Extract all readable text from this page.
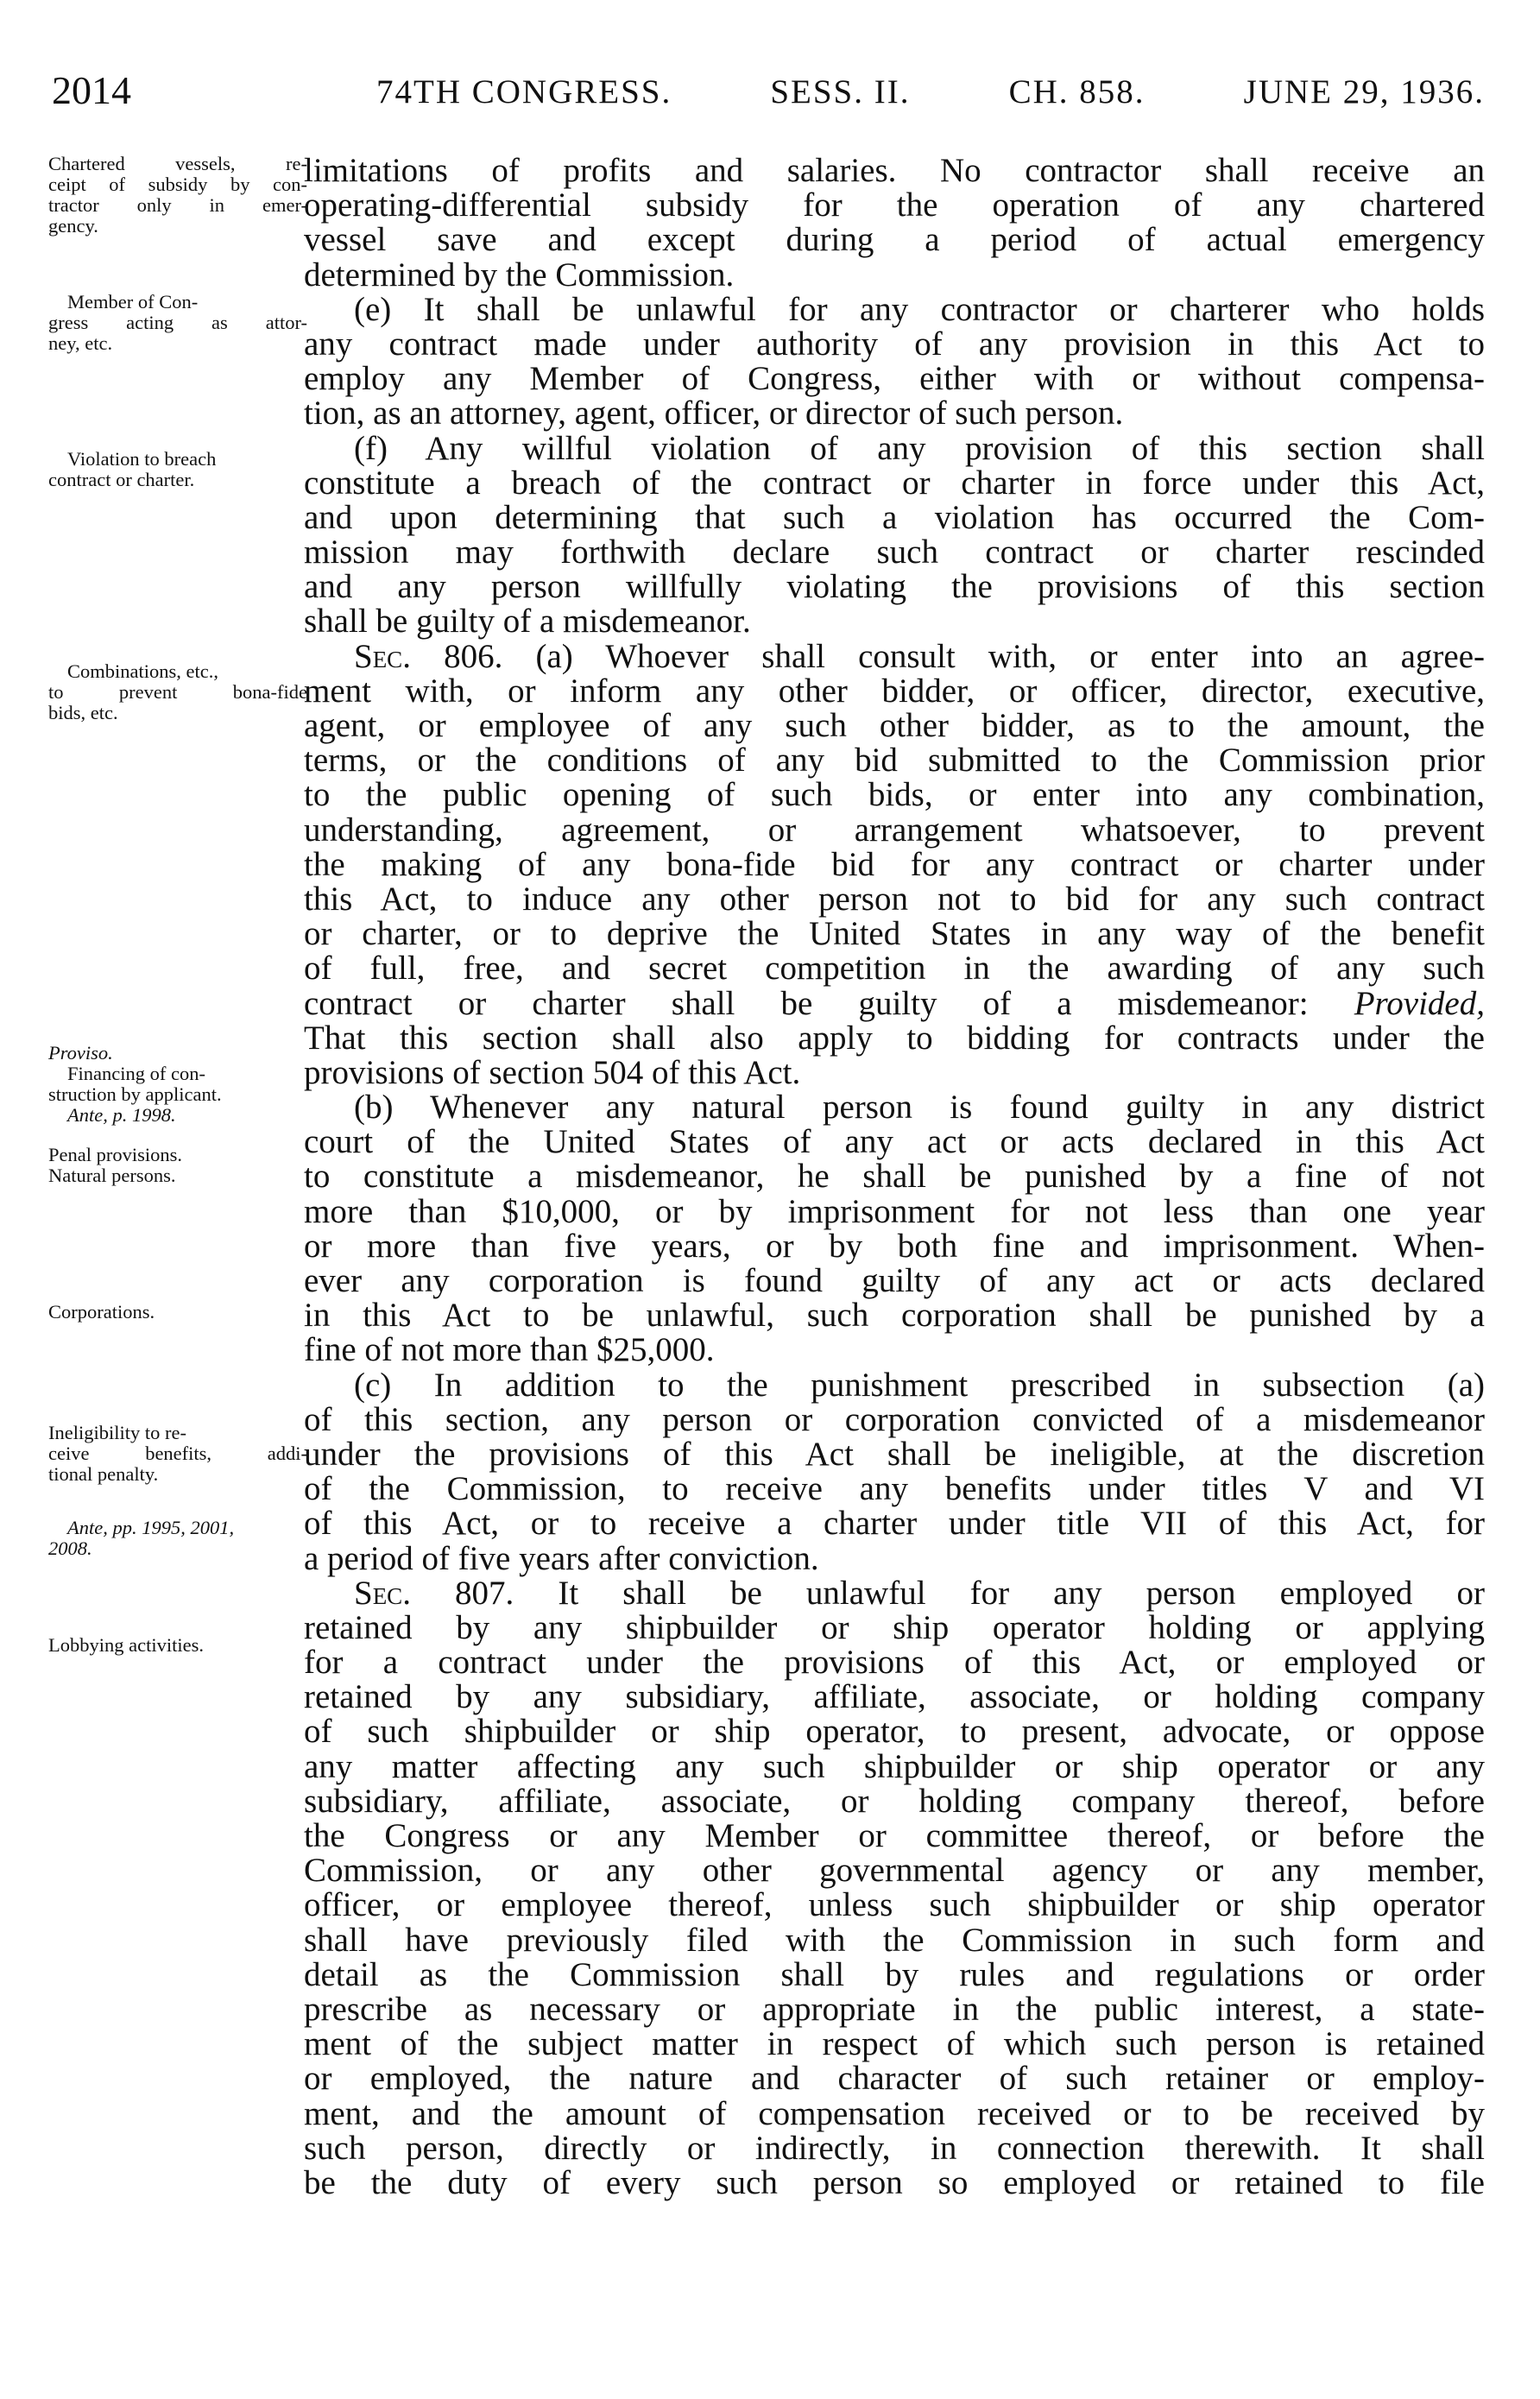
2014	74TH CONGRESS.	SESS. II.	CH. 858.	JUNE 29, 1936.
Chartered vessels, re-
ceipt of subsidy by con-
tractor only in emer-
gency.
Member of Con-
gress acting as attor-
ney, etc.
Violation to breach
contract or charter.
Combinations, etc.,
to prevent bona-fide
bids, etc.
Proviso.
Financing of con-
struction by applicant.
Ante, p. 1998.
Penal provisions.
Natural persons.
Corporations.
Ineligibility to re-
ceive benefits, addi-
tional penalty.
Ante, pp. 1995, 2001,
2008.
Lobbying activities.
limitations of profits and salaries. No contractor shall receive an
operating-differential subsidy for the operation of any chartered
vessel save and except during a period of actual emergency
determined by the Commission.
(e) It shall be unlawful for any contractor or charterer who holds
any contract made under authority of any provision in this Act to
employ any Member of Congress, either with or without compensa-
tion, as an attorney, agent, officer, or director of such person.
(f) Any willful violation of any provision of this section shall
constitute a breach of the contract or charter in force under this Act,
and upon determining that such a violation has occurred the Com-
mission may forthwith declare such contract or charter rescinded
and any person willfully violating the provisions of this section
shall be guilty of a misdemeanor.
Sec. 806. (a) Whoever shall consult with, or enter into an agree-
ment with, or inform any other bidder, or officer, director, executive,
agent, or employee of any such other bidder, as to the amount, the
terms, or the conditions of any bid submitted to the Commission prior
to the public opening of such bids, or enter into any combination,
understanding, agreement, or arrangement whatsoever, to prevent
the making of any bona-fide bid for any contract or charter under
this Act, to induce any other person not to bid for any such contract
or charter, or to deprive the United States in any way of the benefit
of full, free, and secret competition in the awarding of any such
contract or charter shall be guilty of a misdemeanor: Provided,
That this section shall also apply to bidding for contracts under the
provisions of section 504 of this Act.
(b) Whenever any natural person is found guilty in any district
court of the United States of any act or acts declared in this Act
to constitute a misdemeanor, he shall be punished by a fine of not
more than $10,000, or by imprisonment for not less than one year
or more than five years, or by both fine and imprisonment. When-
ever any corporation is found guilty of any act or acts declared
in this Act to be unlawful, such corporation shall be punished by a
fine of not more than $25,000.
(c) In addition to the punishment prescribed in subsection (a)
of this section, any person or corporation convicted of a misdemeanor
under the provisions of this Act shall be ineligible, at the discretion
of the Commission, to receive any benefits under titles V and VI
of this Act, or to receive a charter under title VII of this Act, for
a period of five years after conviction.
Sec. 807. It shall be unlawful for any person employed or
retained by any shipbuilder or ship operator holding or applying
for a contract under the provisions of this Act, or employed or
retained by any subsidiary, affiliate, associate, or holding company
of such shipbuilder or ship operator, to present, advocate, or oppose
any matter affecting any such shipbuilder or ship operator or any
subsidiary, affiliate, associate, or holding company thereof, before
the Congress or any Member or committee thereof, or before the
Commission, or any other governmental agency or any member,
officer, or employee thereof, unless such shipbuilder or ship operator
shall have previously filed with the Commission in such form and
detail as the Commission shall by rules and regulations or order
prescribe as necessary or appropriate in the public interest, a state-
ment of the subject matter in respect of which such person is retained
or employed, the nature and character of such retainer or employ-
ment, and the amount of compensation received or to be received by
such person, directly or indirectly, in connection therewith. It shall
be the duty of every such person so employed or retained to file
